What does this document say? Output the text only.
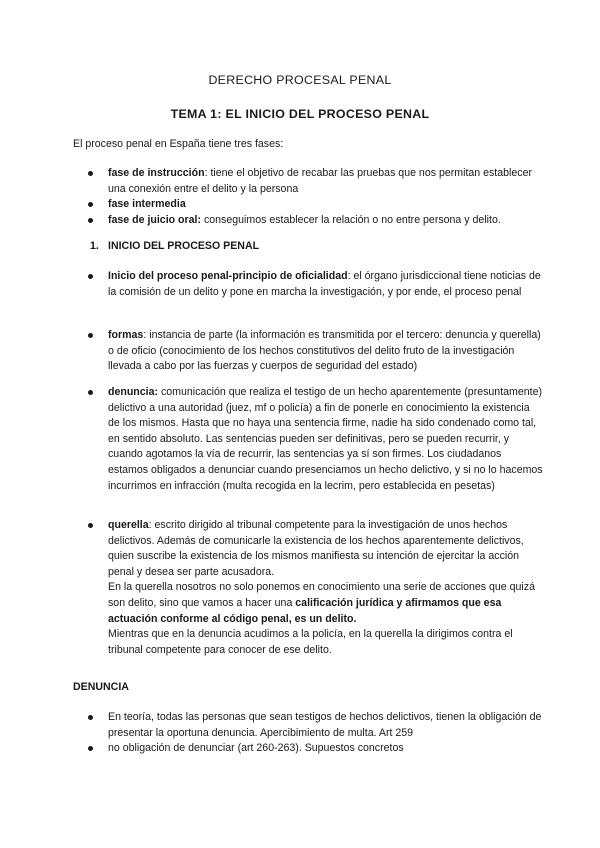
DERECHO PROCESAL PENAL
TEMA 1: EL INICIO DEL PROCESO PENAL
El proceso penal en España tiene tres fases:
fase de instrucción: tiene el objetivo de recabar las pruebas que nos permitan establecer una conexión entre el delito y la persona
fase intermedia
fase de juicio oral: conseguimos establecer la relación o no entre persona y delito.
1. INICIO DEL PROCESO PENAL
Inicio del proceso penal-principio de oficialidad: el órgano jurisdiccional tiene noticias de la comisión de un delito y pone en marcha la investigación, y por ende, el proceso penal
formas: instancia de parte (la información es transmitida por el tercero: denuncia y querella) o de oficio (conocimiento de los hechos constitutivos del delito fruto de la investigación llevada a cabo por las fuerzas y cuerpos de seguridad del estado)
denuncia: comunicación que realiza el testigo de un hecho aparentemente (presuntamente) delictivo a una autoridad (juez, mf o policía) a fin de ponerle en conocimiento la existencia de los mismos. Hasta que no haya una sentencia firme, nadie ha sido condenado como tal, en sentido absoluto. Las sentencias pueden ser definitivas, pero se pueden recurrir, y cuando agotamos la vía de recurrir, las sentencias ya sí son firmes. Los ciudadanos estamos obligados a denunciar cuando presenciamos un hecho delictivo, y si no lo hacemos incurrimos en infracción (multa recogida en la lecrim, pero establecida en pesetas)
querella: escrito dirigido al tribunal competente para la investigación de unos hechos delictivos. Además de comunicarle la existencia de los hechos aparentemente delictivos, quien suscribe la existencia de los mismos manifiesta su intención de ejercitar la acción penal y desea ser parte acusadora.
En la querella nosotros no solo ponemos en conocimiento una serie de acciones que quizá son delito, sino que vamos a hacer una calificación jurídica y afirmamos que esa actuación conforme al código penal, es un delito.
Mientras que en la denuncia acudimos a la policía, en la querella la dirigimos contra el tribunal competente para conocer de ese delito.
DENUNCIA
En teoría, todas las personas que sean testigos de hechos delictivos, tienen la obligación de presentar la oportuna denuncia. Apercibimiento de multa. Art 259
no obligación de denunciar (art 260-263). Supuestos concretos
